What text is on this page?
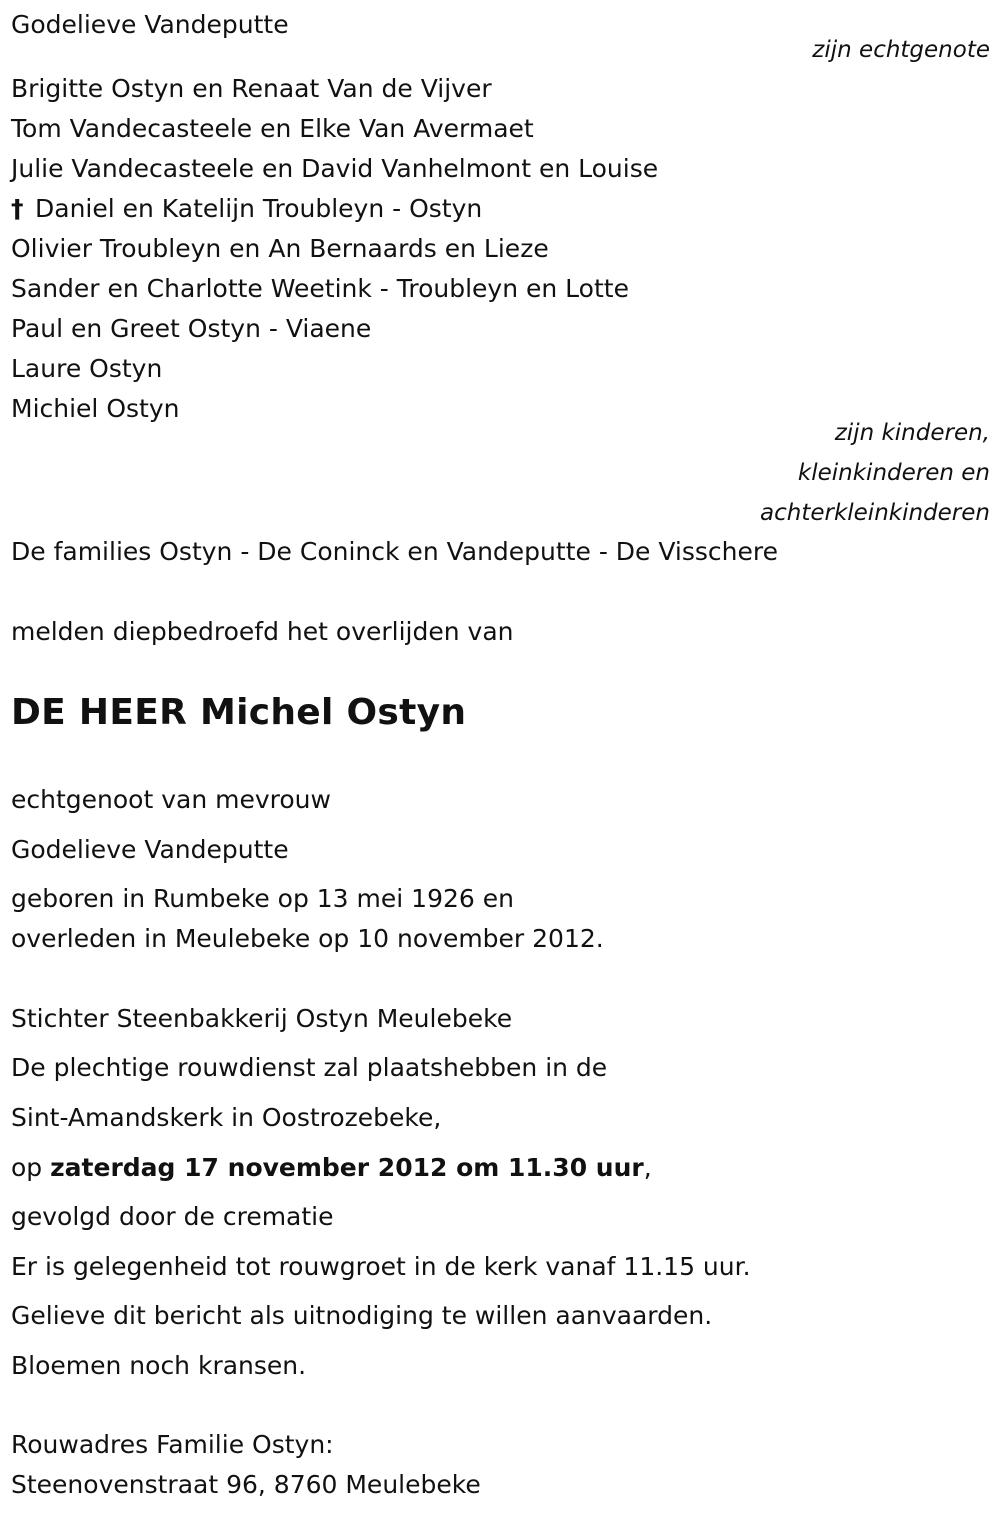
Godelieve Vandeputte
zijn echtgenote
Brigitte Ostyn en Renaat Van de Vijver
Tom Vandecasteele en Elke Van Avermaet
Julie Vandecasteele en David Vanhelmont en Louise
† Daniel en Katelijn Troubleyn - Ostyn
Olivier Troubleyn en An Bernaards en Lieze
Sander en Charlotte Weetink - Troubleyn en Lotte
Paul en Greet Ostyn - Viaene
Laure Ostyn
Michiel Ostyn
zijn kinderen,
kleinkinderen en
achterkleinkinderen
De families Ostyn - De Coninck en Vandeputte - De Visschere
melden diepbedroefd het overlijden van
DE HEER Michel Ostyn
echtgenoot van mevrouw
Godelieve Vandeputte
geboren in Rumbeke op 13 mei 1926 en
overleden in Meulebeke op 10 november 2012.
Stichter Steenbakkerij Ostyn Meulebeke
De plechtige rouwdienst zal plaatshebben in de
Sint-Amandskerk in Oostrozebeke,
op zaterdag 17 november 2012 om 11.30 uur,
gevolgd door de crematie
Er is gelegenheid tot rouwgroet in de kerk vanaf 11.15 uur.
Gelieve dit bericht als uitnodiging te willen aanvaarden.
Bloemen noch kransen.
Rouwadres Familie Ostyn:
Steenovenstraat 96, 8760 Meulebeke
